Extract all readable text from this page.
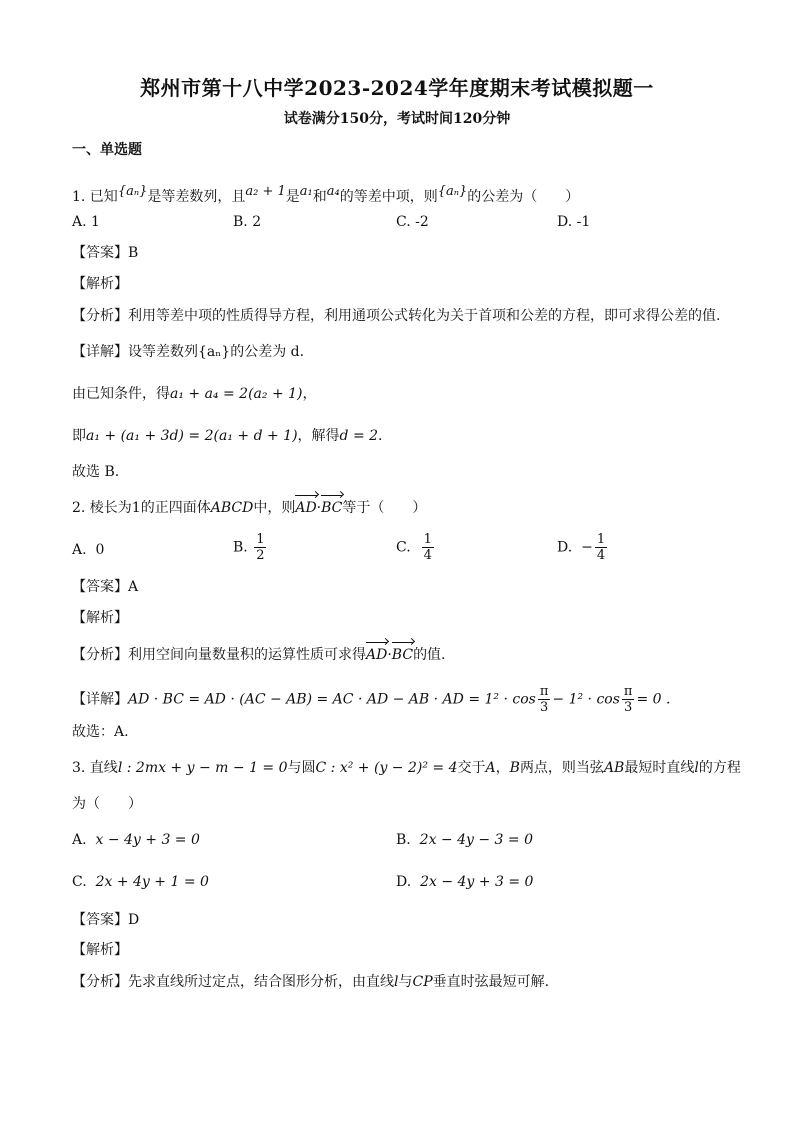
郑州市第十八中学2023-2024学年度期末考试模拟题一
试卷满分150分，考试时间120分钟
一、单选题
1. 已知{aₙ}是等差数列，且a₂ + 1是a₁和a₄的等差中项，则{aₙ}的公差为（　　）
A. 1	B. 2	C. -2	D. -1
【答案】B
【解析】
【分析】利用等差中项的性质得导方程，利用通项公式转化为关于首项和公差的方程，即可求得公差的值.
【详解】设等差数列{aₙ}的公差为 d.
由已知条件，得a₁ + a₄ = 2(a₂ + 1)，
即a₁ + (a₁ + 3d) = 2(a₁ + d + 1)，解得d = 2.
故选 B.
2. 棱长为1的正四面体ABCD中，则AD·BC等于（　　）
A. 0	B. $\frac{1}{2}$	C. $\frac{1}{4}$	D. − $\frac{1}{4}$
【答案】A
【解析】
【分析】利用空间向量数量积的运算性质可求得AD·BC的值.
【详解】AD · BC = AD · (AC − AB) = AC · AD − AB · AD = $1^2 \cdot \cos \frac{\pi}{3} - 1^2 \cdot \cos \frac{\pi}{3} = 0$ .
故选：A.
3. 直线l : 2mx + y − m − 1 = 0与圆C : x² + (y − 2)² = 4交于A，B两点，则当弦AB最短时直线l的方程
为（　　）
A. x − 4y + 3 = 0	B. 2x − 4y − 3 = 0
C. 2x + 4y + 1 = 0	D. 2x − 4y + 3 = 0
【答案】D
【解析】
【分析】先求直线所过定点，结合图形分析，由直线l与CP垂直时弦最短可解.
